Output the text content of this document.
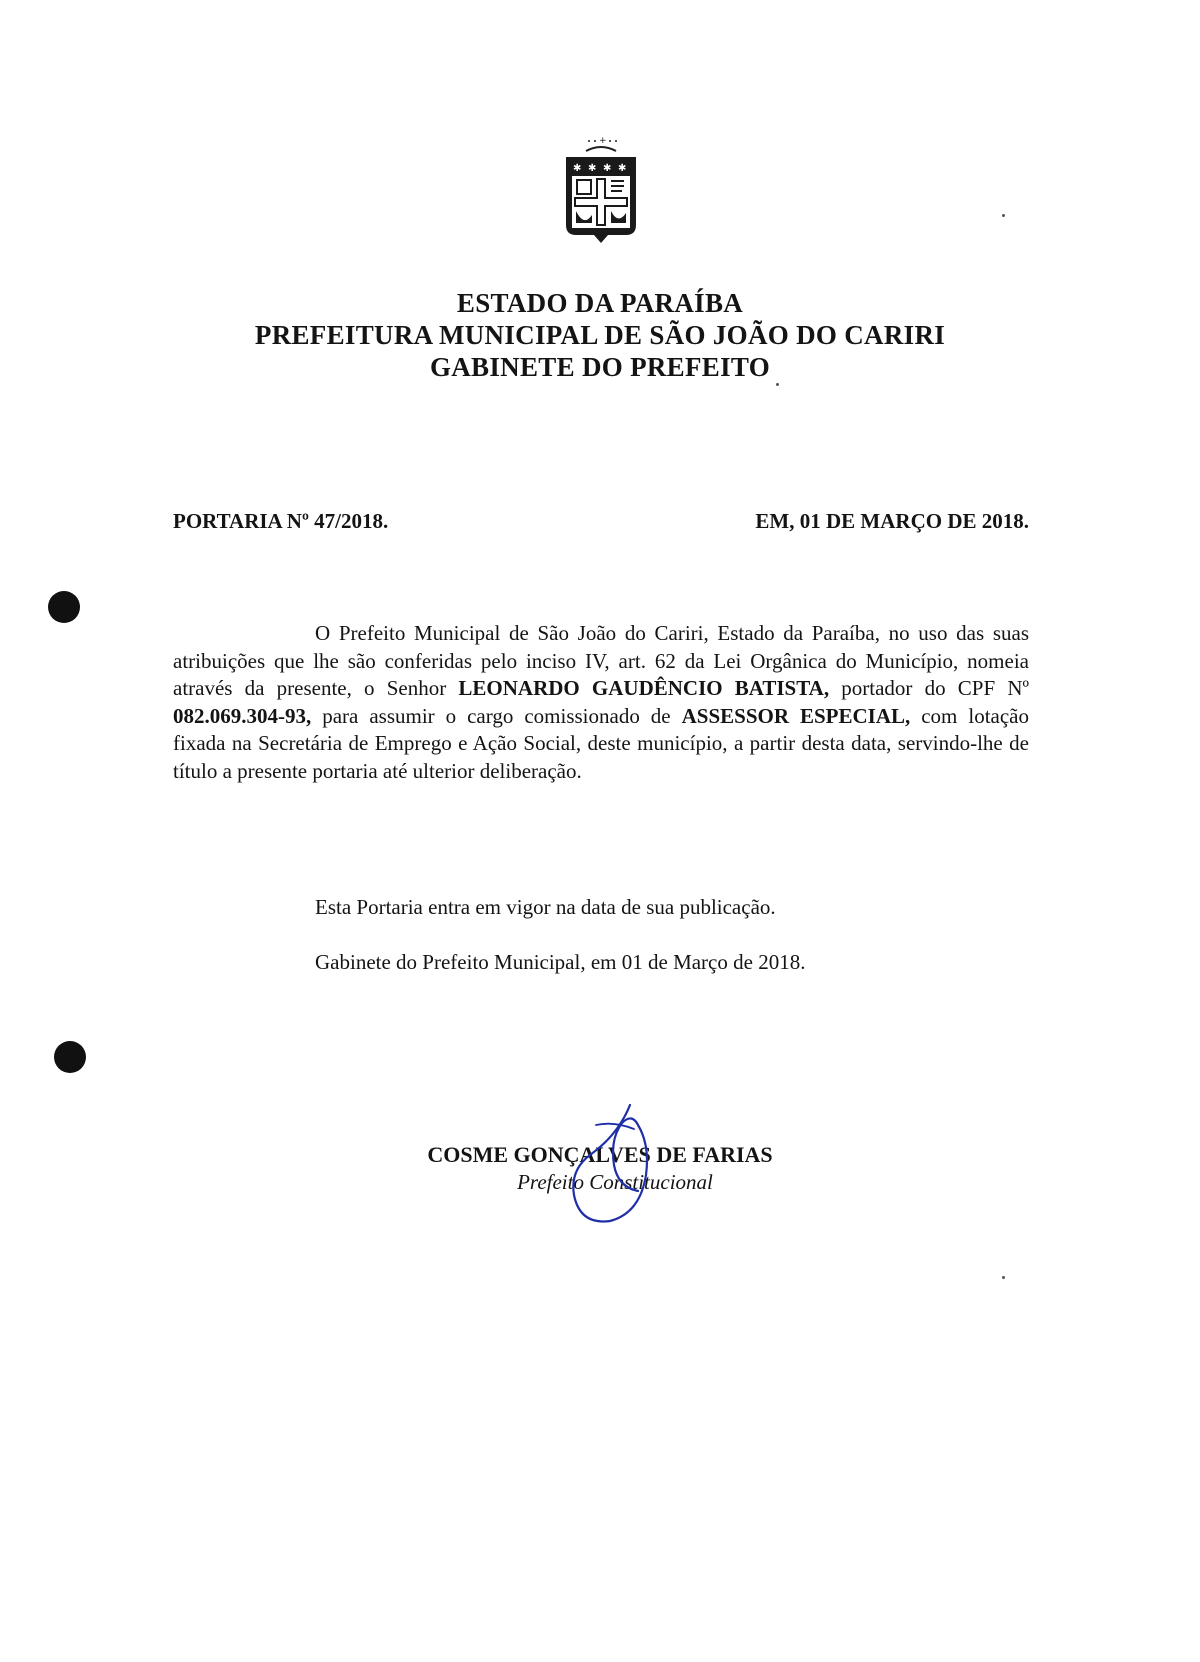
+
✱ ✱ ✱ ✱
ESTADO DA PARAÍBA
PREFEITURA MUNICIPAL DE SÃO JOÃO DO CARIRI
GABINETE DO PREFEITO
PORTARIA Nº 47/2018.	EM, 01 DE MARÇO DE 2018.
O Prefeito Municipal de São João do Cariri, Estado da Paraíba, no uso das suas atribuições que lhe são conferidas pelo inciso IV, art. 62 da Lei Orgânica do Município, nomeia através da presente, o Senhor LEONARDO GAUDÊNCIO BATISTA, portador do CPF Nº 082.069.304-93, para assumir o cargo comissionado de ASSESSOR ESPECIAL, com lotação fixada na Secretária de Emprego e Ação Social, deste município, a partir desta data, servindo-lhe de título a presente portaria até ulterior deliberação.
Esta Portaria entra em vigor na data de sua publicação.
Gabinete do Prefeito Municipal, em 01 de Março de 2018.
COSME GONÇALVES DE FARIAS
Prefeito Constitucional
